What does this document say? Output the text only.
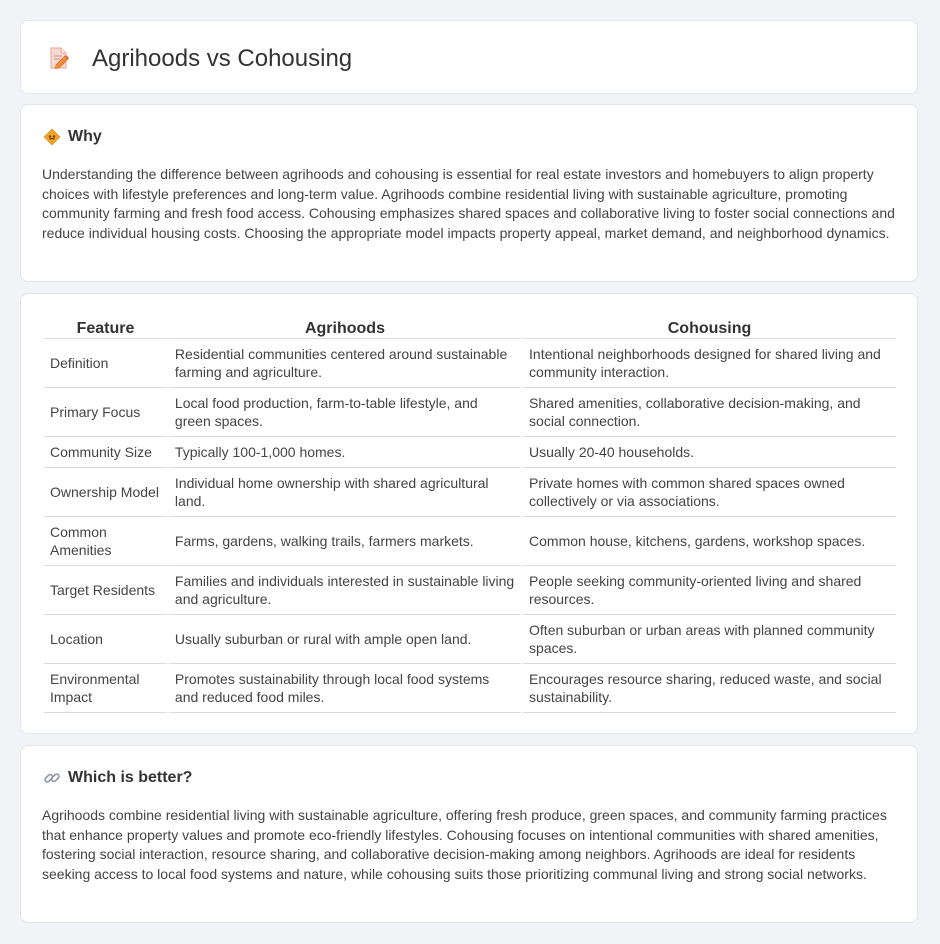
Agrihoods vs Cohousing
Why

Understanding the difference between agrihoods and cohousing is essential for real estate investors and homebuyers to align property choices with lifestyle preferences and long-term value. Agrihoods combine residential living with sustainable agriculture, promoting community farming and fresh food access. Cohousing emphasizes shared spaces and collaborative living to foster social connections and reduce individual housing costs. Choosing the appropriate model impacts property appeal, market demand, and neighborhood dynamics.

Feature	Agrihoods	Cohousing
Definition	Residential communities centered around sustainable farming and agriculture.	Intentional neighborhoods designed for shared living and community interaction.
Primary Focus	Local food production, farm-to-table lifestyle, and green spaces.	Shared amenities, collaborative decision-making, and social connection.
Community Size	Typically 100-1,000 homes.	Usually 20-40 households.
Ownership Model	Individual home ownership with shared agricultural land.	Private homes with common shared spaces owned collectively or via associations.
Common Amenities	Farms, gardens, walking trails, farmers markets.	Common house, kitchens, gardens, workshop spaces.
Target Residents	Families and individuals interested in sustainable living and agriculture.	People seeking community-oriented living and shared resources.
Location	Usually suburban or rural with ample open land.	Often suburban or urban areas with planned community spaces.
Environmental Impact	Promotes sustainability through local food systems and reduced food miles.	Encourages resource sharing, reduced waste, and social sustainability.
Which is better?

Agrihoods combine residential living with sustainable agriculture, offering fresh produce, green spaces, and community farming practices that enhance property values and promote eco-friendly lifestyles. Cohousing focuses on intentional communities with shared amenities, fostering social interaction, resource sharing, and collaborative decision-making among neighbors. Agrihoods are ideal for residents seeking access to local food systems and nature, while cohousing suits those prioritizing communal living and strong social networks.
